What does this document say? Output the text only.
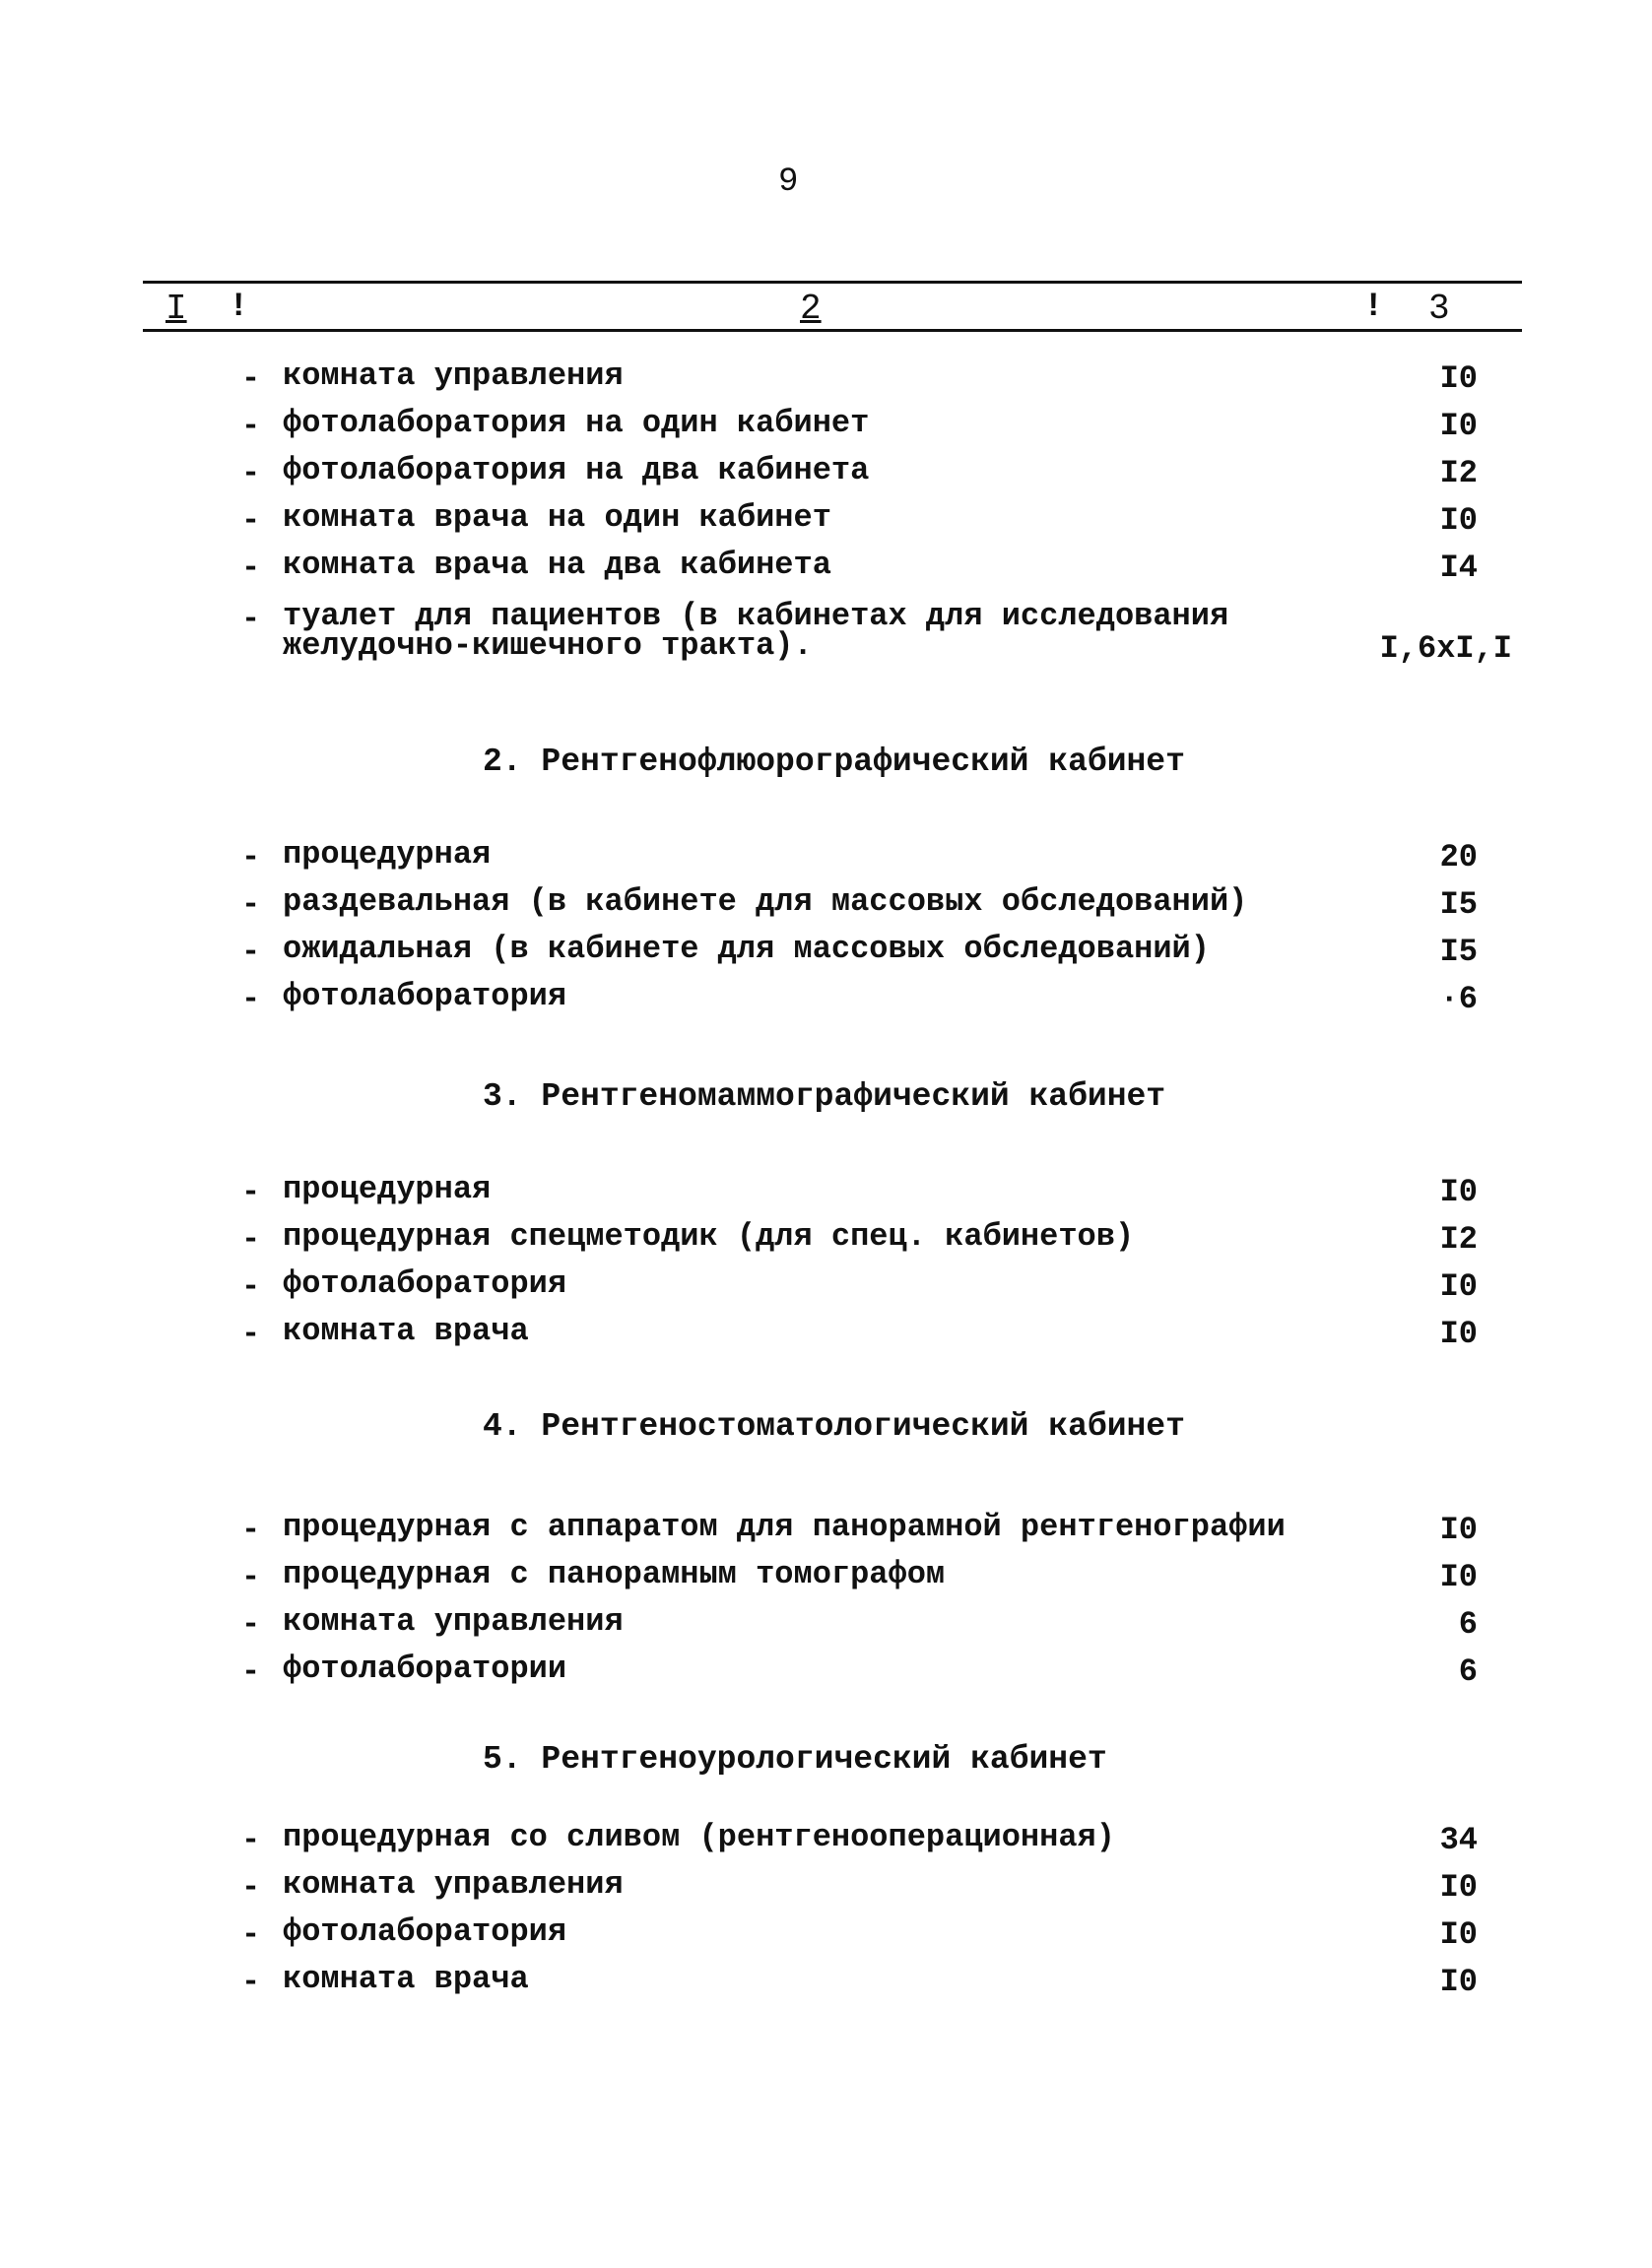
9
I !	2	! 3
- комната управления	I0
- фотолаборатория на один кабинет	I0
- фотолаборатория на два кабинета	I2
- комната врача на один кабинет	I0
- комната врача на два кабинета	I4
- туалет для пациентов (в кабинетах для исследования
желудочно-кишечного тракта).	I,6хI,I
2. Рентгенофлюорографический кабинет
- процедурная	20
- раздевальная (в кабинете для массовых обследований)	I5
- ожидальная (в кабинете для массовых обследований)	I5
- фотолаборатория	·6
3. Рентгеномаммографический кабинет
- процедурная	I0
- процедурная спецметодик (для спец. кабинетов)	I2
- фотолаборатория	I0
- комната врача	I0
4. Рентгеностоматологический кабинет
- процедурная с аппаратом для панорамной рентгенографии	I0
- процедурная с панорамным томографом	I0
- комната управления	6
- фотолаборатории	6
5. Рентгеноурологический кабинет
- процедурная со сливом (рентгенооперационная)	34
- комната управления	I0
- фотолаборатория	I0
- комната врача	I0
